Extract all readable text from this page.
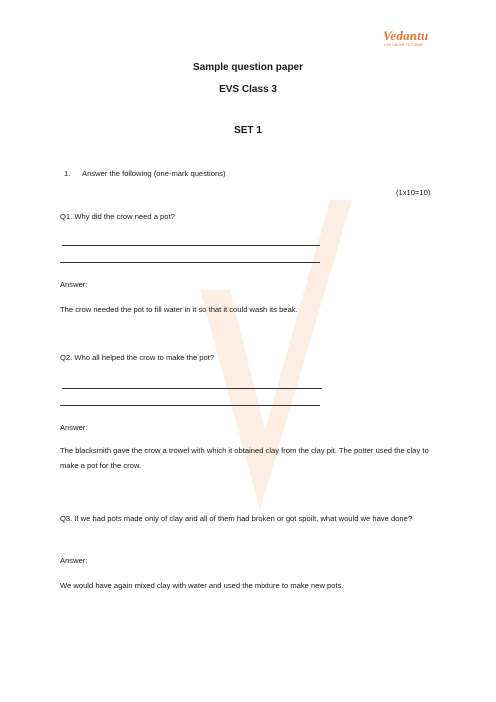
Vedantu
LIVE ONLINE TUTORING

Sample question paper

EVS Class 3

SET 1

1. Answer the following (one-mark questions)

(1x10=10)

Q1. Why did the crow need a pot?

Answer:

The crow needed the pot to fill water in it so that it could wash its beak.

Q2. Who all helped the crow to make the pot?

Answer:

The blacksmith gave the crow a trowel with which it obtained clay from the clay pit. The potter used the clay to make a pot for the crow.

Q3. If we had pots made only of clay and all of them had broken or got spoilt, what would we have done?

Answer:

We would have again mixed clay with water and used the mixture to make new pots.
